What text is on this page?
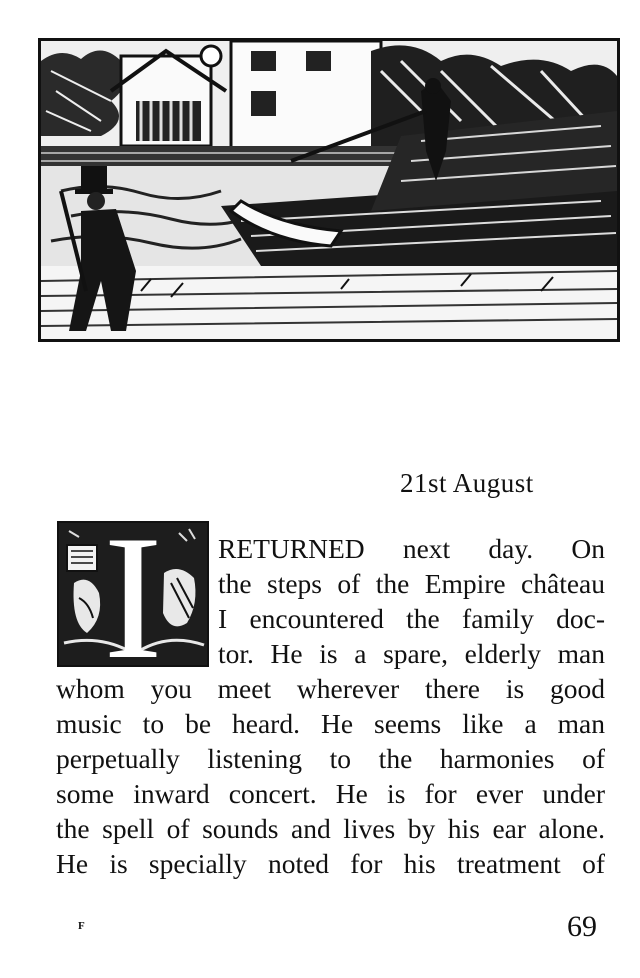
21st August
I	RETURNED next day. On
the steps of the Empire château
I encountered the family doc-
tor. He is a spare, elderly man
whom you meet wherever there is good
music to be heard. He seems like a man
perpetually listening to the harmonies of
some inward concert. He is for ever under
the spell of sounds and lives by his ear alone.
He is specially noted for his treatment of
F	69
